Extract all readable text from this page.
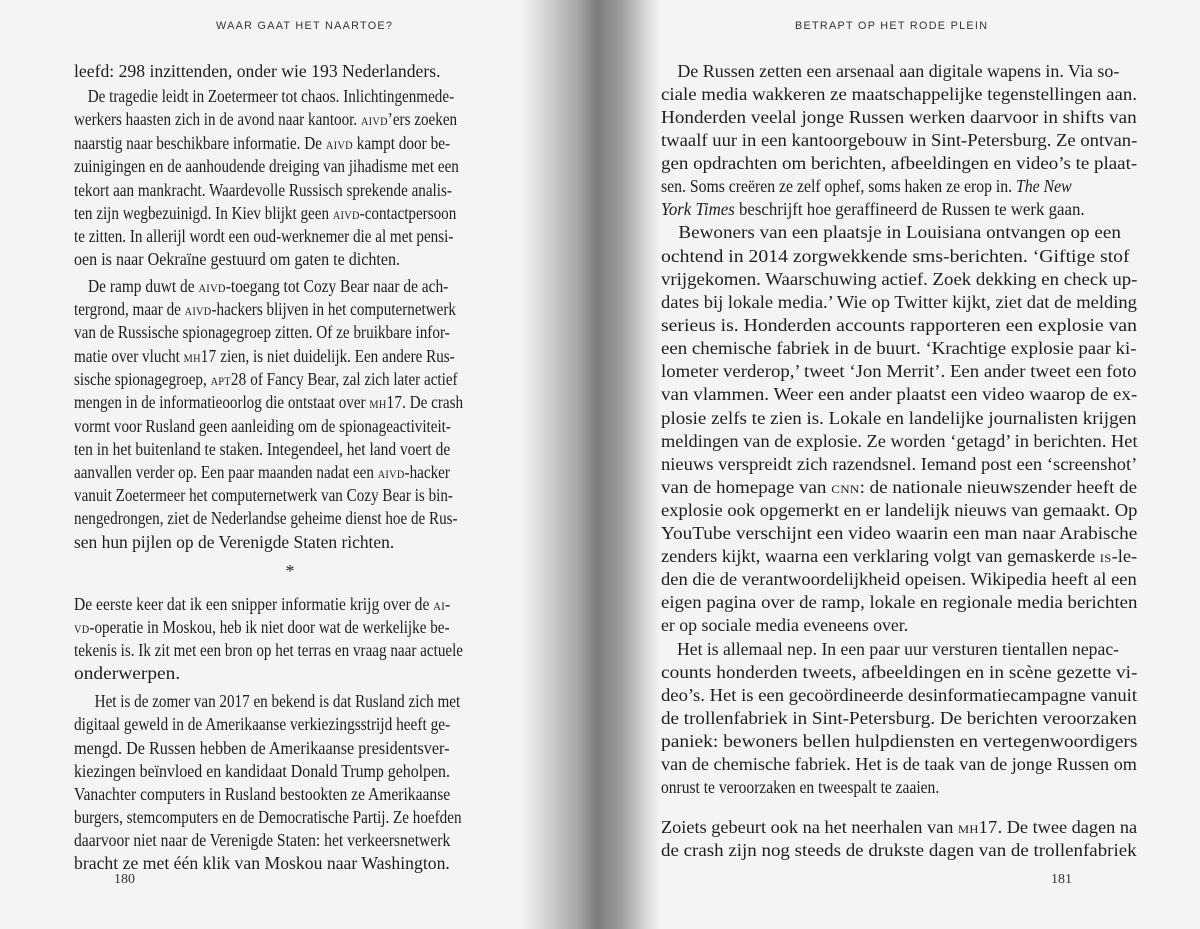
WAAR GAAT HET NAARTOE?
leefd: 298 inzittenden, onder wie 193 Nederlanders.
De tragedie leidt in Zoetermeer tot chaos. Inlichtingenmede-
werkers haasten zich in de avond naar kantoor. aivd’ers zoeken
naarstig naar beschikbare informatie. De aivd kampt door be-
zuinigingen en de aanhoudende dreiging van jihadisme met een
tekort aan mankracht. Waardevolle Russisch sprekende analis-
ten zijn wegbezuinigd. In Kiev blijkt geen aivd-contactpersoon
te zitten. In allerijl wordt een oud-werknemer die al met pensi-
oen is naar Oekraïne gestuurd om gaten te dichten.
De ramp duwt de aivd-toegang tot Cozy Bear naar de ach-
tergrond, maar de aivd-hackers blijven in het computernetwerk
van de Russische spionagegroep zitten. Of ze bruikbare infor-
matie over vlucht mh17 zien, is niet duidelijk. Een andere Rus-
sische spionagegroep, apt28 of Fancy Bear, zal zich later actief
mengen in de informatieoorlog die ontstaat over mh17. De crash
vormt voor Rusland geen aanleiding om de spionageactiviteit-
ten in het buitenland te staken. Integendeel, het land voert de
aanvallen verder op. Een paar maanden nadat een aivd-hacker
vanuit Zoetermeer het computernetwerk van Cozy Bear is bin-
nengedrongen, ziet de Nederlandse geheime dienst hoe de Rus-
sen hun pijlen op de Verenigde Staten richten.
*
De eerste keer dat ik een snipper informatie krijg over de ai-
vd-operatie in Moskou, heb ik niet door wat de werkelijke be-
tekenis is. Ik zit met een bron op het terras en vraag naar actuele
onderwerpen.
Het is de zomer van 2017 en bekend is dat Rusland zich met
digitaal geweld in de Amerikaanse verkiezingsstrijd heeft ge-
mengd. De Russen hebben de Amerikaanse presidentsver-
kiezingen beïnvloed en kandidaat Donald Trump geholpen.
Vanachter computers in Rusland bestookten ze Amerikaanse
burgers, stemcomputers en de Democratische Partij. Ze hoefden
daarvoor niet naar de Verenigde Staten: het verkeersnetwerk
bracht ze met één klik van Moskou naar Washington.
180
BETRAPT OP HET RODE PLEIN
De Russen zetten een arsenaal aan digitale wapens in. Via so-
ciale media wakkeren ze maatschappelijke tegenstellingen aan.
Honderden veelal jonge Russen werken daarvoor in shifts van
twaalf uur in een kantoorgebouw in Sint-Petersburg. Ze ontvan-
gen opdrachten om berichten, afbeeldingen en video’s te plaat-
sen. Soms creëren ze zelf ophef, soms haken ze erop in. The New
York Times beschrijft hoe geraffineerd de Russen te werk gaan.
Bewoners van een plaatsje in Louisiana ontvangen op een
ochtend in 2014 zorgwekkende sms-berichten. ‘Giftige stof
vrijgekomen. Waarschuwing actief. Zoek dekking en check up-
dates bij lokale media.’ Wie op Twitter kijkt, ziet dat de melding
serieus is. Honderden accounts rapporteren een explosie van
een chemische fabriek in de buurt. ‘Krachtige explosie paar ki-
lometer verderop,’ tweet ‘Jon Merrit’. Een ander tweet een foto
van vlammen. Weer een ander plaatst een video waarop de ex-
plosie zelfs te zien is. Lokale en landelijke journalisten krijgen
meldingen van de explosie. Ze worden ‘getagd’ in berichten. Het
nieuws verspreidt zich razendsnel. Iemand post een ‘screenshot’
van de homepage van cnn: de nationale nieuwszender heeft de
explosie ook opgemerkt en er landelijk nieuws van gemaakt. Op
YouTube verschijnt een video waarin een man naar Arabische
zenders kijkt, waarna een verklaring volgt van gemaskerde is-le-
den die de verantwoordelijkheid opeisen. Wikipedia heeft al een
eigen pagina over de ramp, lokale en regionale media berichten
er op sociale media eveneens over.
Het is allemaal nep. In een paar uur versturen tientallen nepac-
counts honderden tweets, afbeeldingen en in scène gezette vi-
deo’s. Het is een gecoördineerde desinformatiecampagne vanuit
de trollenfabriek in Sint-Petersburg. De berichten veroorzaken
paniek: bewoners bellen hulpdiensten en vertegenwoordigers
van de chemische fabriek. Het is de taak van de jonge Russen om
onrust te veroorzaken en tweespalt te zaaien.
Zoiets gebeurt ook na het neerhalen van mh17. De twee dagen na
de crash zijn nog steeds de drukste dagen van de trollenfabriek
181
